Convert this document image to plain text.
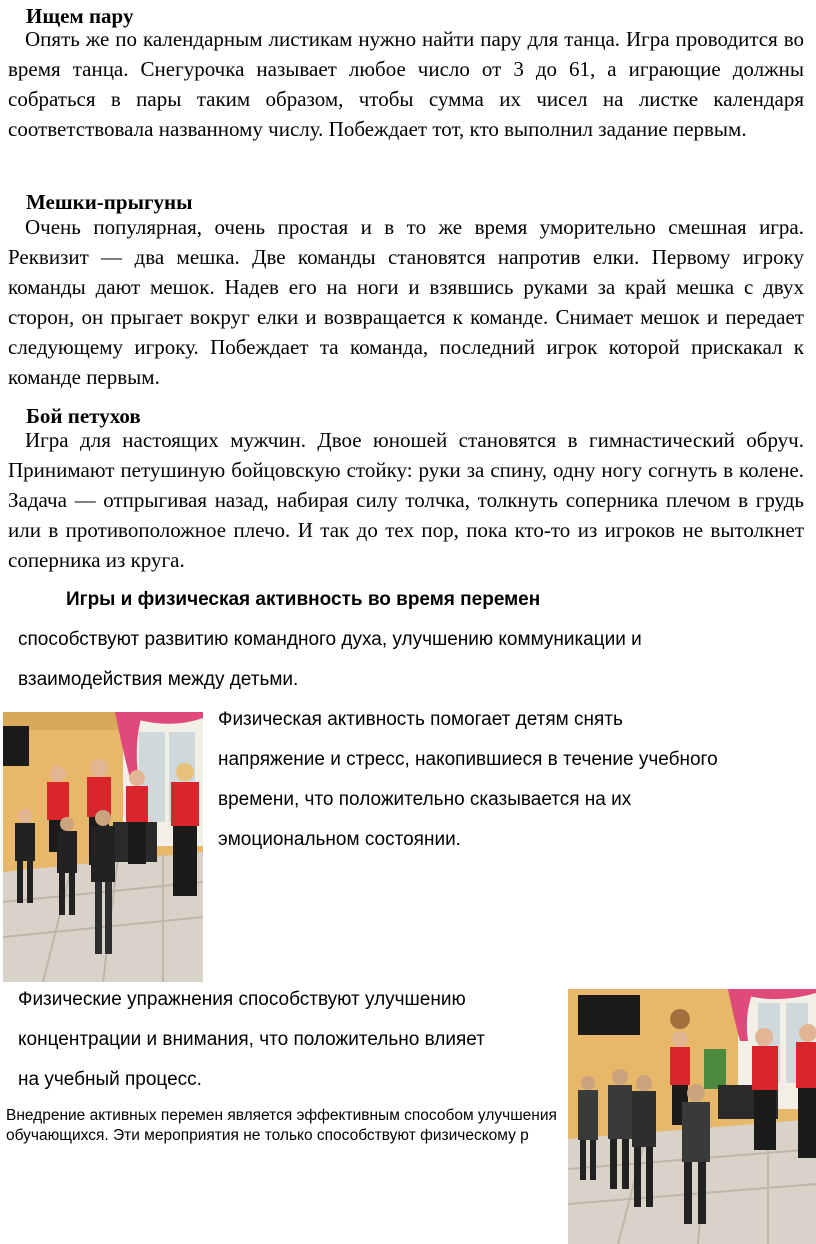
Ищем пару
Опять же по календарным листикам нужно найти пару для танца. Игра проводится во время танца. Снегурочка называет любое число от 3 до 61, а играющие должны собраться в пары таким образом, чтобы сумма их чисел на листке календаря соответствовала названному числу. Побеждает тот, кто выполнил задание первым.
Мешки-прыгуны
Очень популярная, очень простая и в то же время уморительно смешная игра. Реквизит — два мешка. Две команды становятся напротив елки. Первому игроку команды дают мешок. Надев его на ноги и взявшись руками за край мешка с двух сторон, он прыгает вокруг елки и возвращается к команде. Снимает мешок и передает следующему игроку. Побеждает та команда, последний игрок которой прискакал к команде первым.
Бой петухов
Игра для настоящих мужчин. Двое юношей становятся в гимнастический обруч. Принимают петушиную бойцовскую стойку: руки за спину, одну ногу согнуть в колене. Задача — отпрыгивая назад, набирая силу толчка, толкнуть соперника плечом в грудь или в противоположное плечо. И так до тех пор, пока кто-то из игроков не вытолкнет соперника из круга.
Игры и физическая активность во время перемен
способствуют развитию командного духа, улучшению коммуникации и
взаимодействия между детьми.
Физическая активность помогает детям снять
напряжение и стресс, накопившиеся в течение учебного
времени, что положительно сказывается на их
эмоциональном состоянии.
Физические упражнения способствуют улучшению
концентрации и внимания, что положительно влияет
на учебный процесс.
Внедрение активных перемен является эффективным способом улучшения
обучающихся. Эти мероприятия не только способствуют физическому р
